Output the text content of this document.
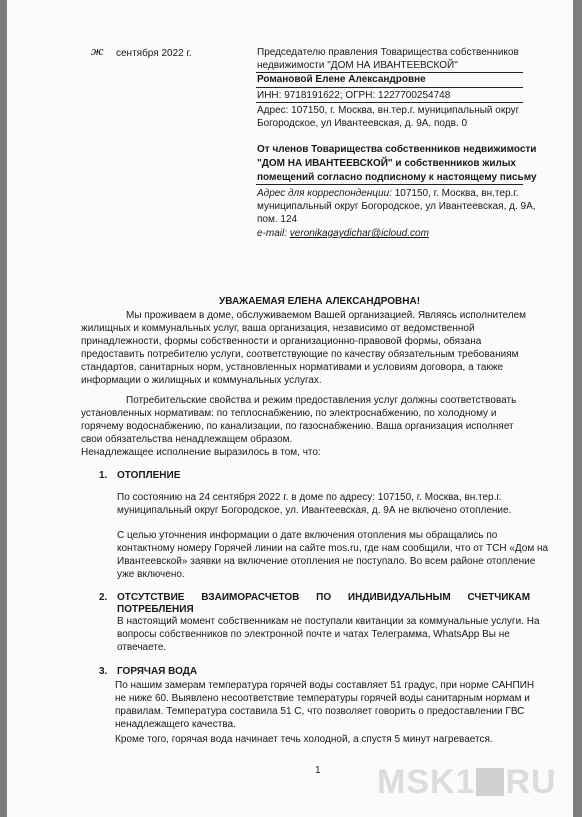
ж сентября 2022 г.	Председателю правления Товарищества собственников
недвижимости "ДОМ НА ИВАНТЕЕВСКОЙ"
Романовой Елене Александровне
ИНН: 9718191622; ОГРН: 1227700254748
Адрес: 107150, г. Москва, вн.тер.г. муниципальный округ
Богородское, ул Ивантеевская, д. 9А, подв. 0
От членов Товарищества собственников недвижимости
"ДОМ НА ИВАНТЕЕВСКОЙ" и собственников жилых
помещений согласно подписному к настоящему письму
Адрес для корреспонденции: 107150, г. Москва, вн.тер.г.
муниципальный округ Богородское, ул Ивантеевская, д. 9А,
пом. 124
e-mail: veronikagaydichar@icloud.com
УВАЖАЕМАЯ ЕЛЕНА АЛЕКСАНДРОВНА!
Мы проживаем в доме, обслуживаемом Вашей организацией. Являясь исполнителем
жилищных и коммунальных услуг, ваша организация, независимо от ведомственной
принадлежности, формы собственности и организационно-правовой формы, обязана
предоставить потребителю услуги, соответствующие по качеству обязательным требованиям
стандартов, санитарных норм, установленных нормативами и условиям договора, а также
информации о жилищных и коммунальных услугах.
Потребительские свойства и режим предоставления услуг должны соответствовать
установленных нормативам: по теплоснабжению, по электроснабжению, по холодному и
горячему водоснабжению, по канализации, по газоснабжению. Ваша организация исполняет
свои обязательства ненадлежащем образом.
Ненадлежащее исполнение выразилось в том, что:
1. ОТОПЛЕНИЕ
По состоянию на 24 сентября 2022 г. в доме по адресу: 107150, г. Москва, вн.тер.г.
муниципальный округ Богородское, ул. Ивантеевская, д. 9А не включено отопление.
С целью уточнения информации о дате включения отопления мы обращались по
контактному номеру Горячей линии на сайте mos.ru, где нам сообщили, что от ТСН «Дом на
Ивантеевской» заявки на включение отопления не поступало. Во всем районе отопление
уже включено.
2. ОТСУТСТВИЕ ВЗАИМОРАСЧЕТОВ ПО ИНДИВИДУАЛЬНЫМ СЧЕТЧИКАМ
ПОТРЕБЛЕНИЯ
В настоящий момент собственникам не поступали квитанции за коммунальные услуги. На
вопросы собственников по электронной почте и чатах Телеграмма, WhatsApp Вы не
отвечаете.
3. ГОРЯЧАЯ ВОДА
По нашим замерам температура горячей воды составляет 51 градус, при норме САНПИН
не ниже 60. Выявлено несоответствие температуры горячей воды санитарным нормам и
правилам. Температура составила 51 С, что позволяет говорить о предоставлении ГВС
ненадлежащего качества.
Кроме того, горячая вода начинает течь холодной, а спустя 5 минут нагревается.
1 MSK1 RU
